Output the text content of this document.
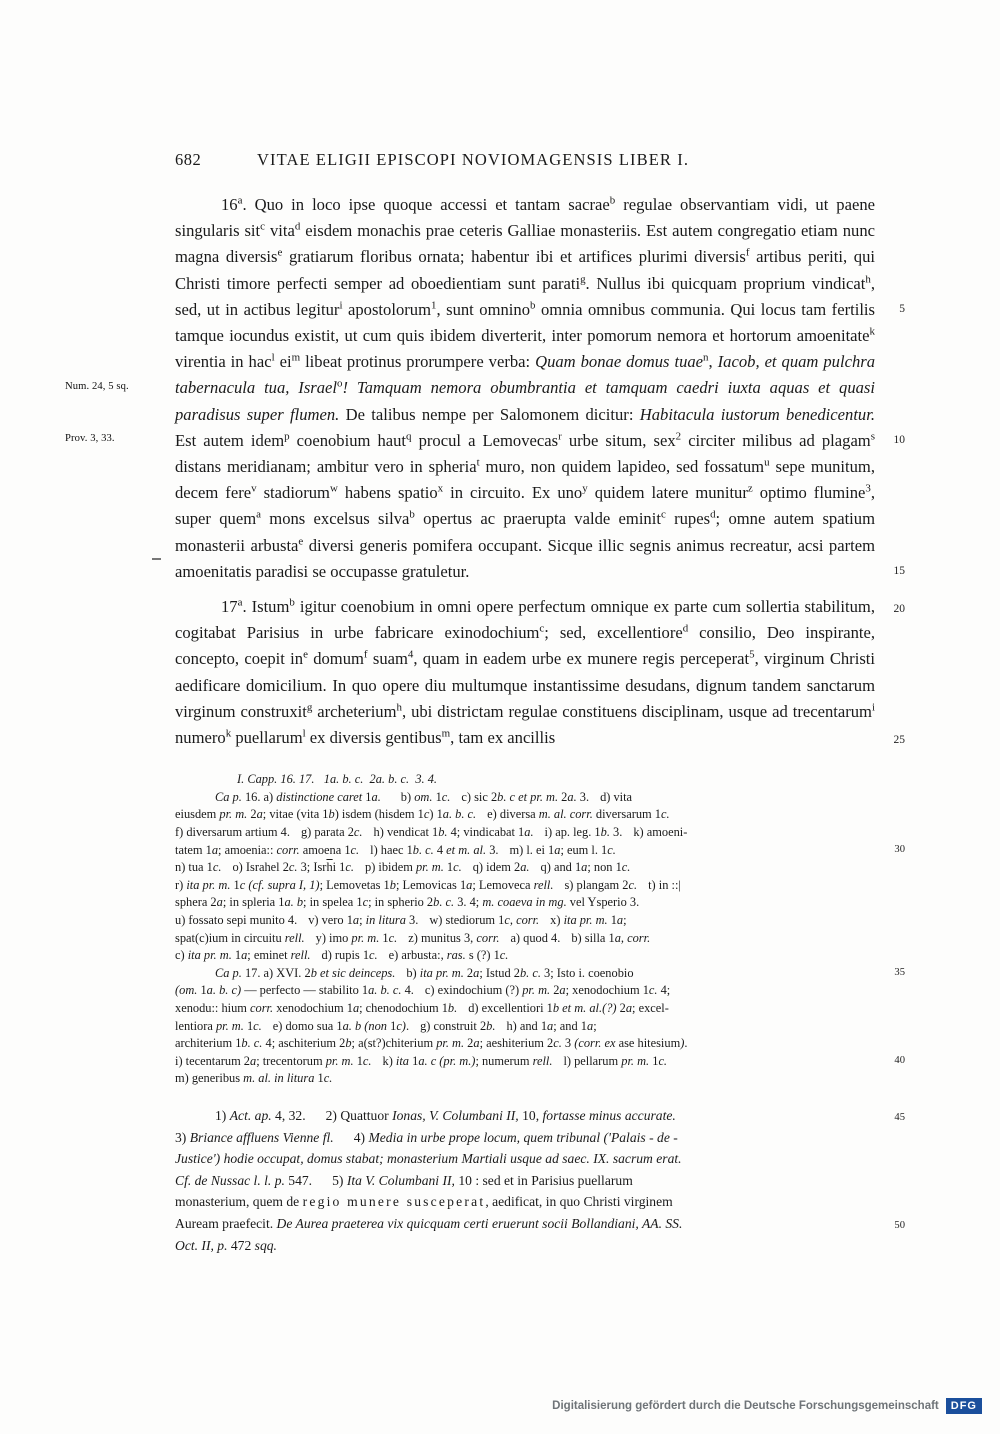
682	VITAE ELIGII EPISCOPI NOVIOMAGENSIS LIBER I.
Num. 24, 5 sq.
Prov. 3, 33.
5
10
15

16$^a$. Quo in loco ipse quoque accessi et tantam sacrae$^b$ regulae observantiam vidi, ut paene singularis sit$^c$ vita$^d$ eisdem monachis prae ceteris Galliae monasteriis. Est autem congregatio etiam nunc magna diversis$^e$ gratiarum floribus ornata; habentur ibi et artifices plurimi diversis$^f$ artibus periti, qui Christi timore perfecti semper ad oboedientiam sunt parati$^g$. Nullus ibi quicquam proprium vindicat$^h$, sed, ut in actibus legitur$^i$ apostolorum$^1$, sunt omnino$^b$ omnia omnibus communia. Qui locus tam fertilis tamque iocundus existit, ut cum quis ibidem diverterit, inter pomorum nemora et hortorum amoenitate$^k$ virentia in hac$^l$ $ei^m$ libeat protinus prorumpere verba: Quam bonae domus tuae$^n$, Iacob, et quam pulchra tabernacula tua, Israel$^o$! Tamquam nemora obumbrantia et tamquam caedri iuxta aquas et quasi paradisus super flumen. De talibus nempe per Salomonem dicitur: Habitacula iustorum benedicentur. Est autem idem$^p$ coenobium haut$^q$ procul a Lemovecas$^r$ urbe situm, sex$^2$ circiter milibus ad plagam$^s$ distans meridianam; ambitur vero in spheria$^t$ muro, non quidem lapideo, sed fossatum$^u$ sepe munitum, decem fere$^v$ stadiorum$^w$ habens spatio$^x$ in circuito. Ex uno$^y$ quidem latere munitur$^z$ optimo flumine$^3$, super quem$^a$ mons excelsus silva$^b$ opertus ac praerupta valde eminit$^c$ rupes$^d$; omne autem spatium monasterii arbusta$^e$ diversi generis pomifera occupant. Sicque illic segnis animus recreatur, acsi partem amoenitatis paradisi se occupasse gratuletur.

20
25

17$^a$. Istum$^b$ igitur coenobium in omni opere perfectum omnique ex parte cum sollertia stabilitum, cogitabat Parisius in urbe fabricare exinodochium$^c$; sed, excellentiore$^d$ consilio, Deo inspirante, concepto, coepit $in^e$ domum$^f$ suam$^4$, quam in eadem urbe ex munere regis perceperat$^5$, virginum Christi aedificare domicilium. In quo opere diu multumque instantissime desudans, dignum tandem sanctarum virginum construxit$^g$ archeterium$^h$, ubi districtam regulae constituens disciplinam, usque ad trecentarum$^i$ numero$^k$ puellarum$^l$ ex diversis gentibus$^m$, tam ex ancillis

30
35
40
I. Capp. 16. 17.   1a. b. c.  2a. b. c.  3. 4.
Ca p. 16. a) distinctione caret 1a. b) om. 1c. c) sic 2b. c et pr. m. 2a. 3. d) vita
eiusdem pr. m. 2a; vitae (vita 1b) isdem (hisdem 1c) 1a. b. c. e) diversa m. al. corr. diversarum 1c.
f) diversarum artium 4. g) parata 2c. h) vendicat 1b. 4; vindicabat 1a. i) ap. leg. 1b. 3. k) amoeni-
tatem 1a; amoenia:: corr. amoena 1c. l) haec 1b. c. 4 et m. al. 3. m) l. ei 1a; eum l. 1c.
n) tua 1c. o) Israhel 2c. 3; $Isr\overline{h}i$ 1c. p) ibidem pr. m. 1c. q) idem 2a. q) and 1a; non 1c.
r) ita pr. m. 1c (cf. supra I, 1); Lemovetas 1b; Lemovicas 1a; Lemoveca rell. s) plangam 2c. t) in ::|
sphera 2a; in spleria 1a. b; in spelea 1c; in spherio 2b. c. 3. 4; m. coaeva in mg. vel Ysperio 3.
u) fossato sepi munito 4. v) vero 1a; in litura 3. w) stediorum 1c, corr. x) ita pr. m. 1a;
spat(c)ium in circuitu rell. y) imo pr. m. 1c. z) munitus 3, corr. a) quod 4. b) silla 1a, corr.
c) ita pr. m. 1a; eminet rell. d) rupis 1c. e) arbusta:, ras. s (?) 1c.
Ca p. 17. a) XVI. 2b et sic deinceps. b) ita pr. m. 2a; Istud 2b. c. 3; Isto i. coenobio
(om. 1a. b. c) — perfecto — stabilito 1a. b. c. 4. c) exindochium (?) pr. m. 2a; xenodochium 1c. 4;
xenodu:: hium corr. xenodochium 1a; chenodochium 1b. d) excellentiori 1b et m. al.(?) 2a; excel-
lentiora pr. m. 1c. e) domo sua 1a. b (non 1c). g) construit 2b. h) and 1a; and 1a;
architerium 1b. c. 4; aschiterium 2b; a(st?)chiterium pr. m. 2a; aeshiterium 2c. 3 (corr. ex ase hitesium).
i) tecentarum 2a; trecentorum pr. m. 1c. k) ita 1a. c (pr. m.); numerum rell. l) pellarum pr. m. 1c.
m) generibus m. al. in litura 1c.
45
50
1) Act. ap. 4, 32. 2) Quattuor Ionas, V. Columbani II, 10, fortasse minus accurate.
3) Briance affluens Vienne fl. 4) Media in urbe prope locum, quem tribunal ('Palais - de -
Justice') hodie occupat, domus stabat; monasterium Martiali usque ad saec. IX. sacrum erat.
Cf. de Nussac l. l. p. 547. 5) Ita V. Columbani II, 10 : sed et in Parisius puellarum
monasterium, quem de regio munere susceperat, aedificat, in quo Christi virginem
Auream praefecit. De Aurea praeterea vix quicquam certi eruerunt socii Bollandiani, AA. SS.
Oct. II, p. 472 sqq.
Digitalisierung gefördert durch die Deutsche Forschungsgemeinschaft	DFG
